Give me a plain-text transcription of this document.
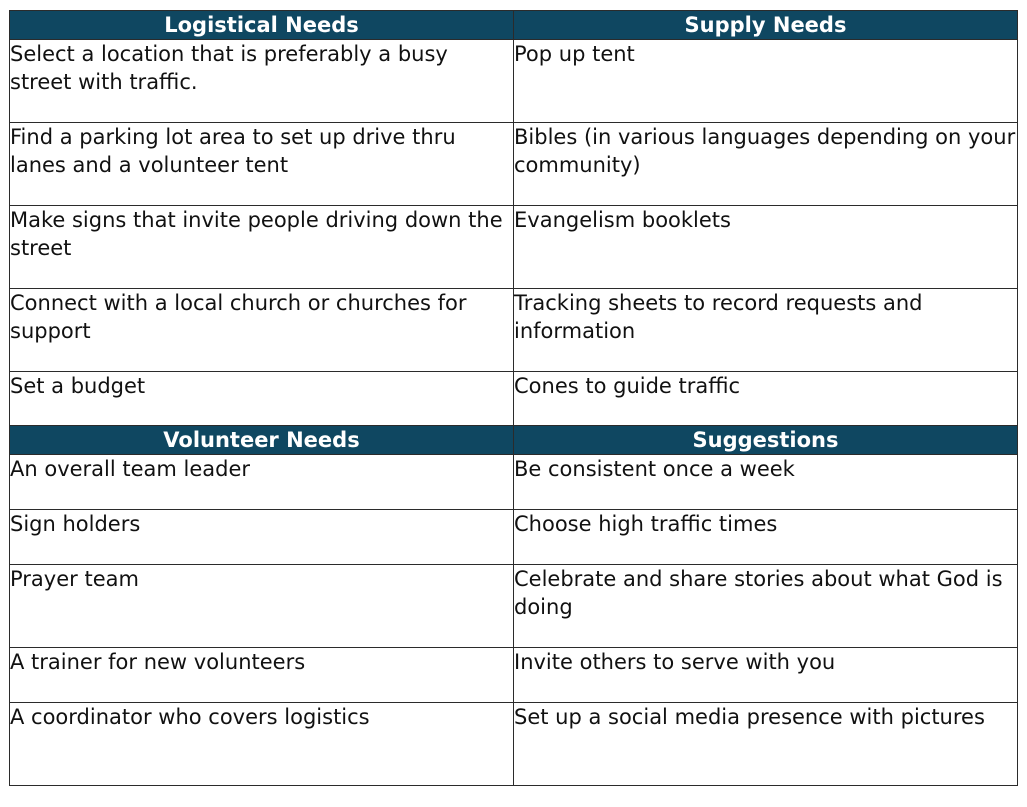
Logistical Needs	Supply Needs
Select a location that is preferably a busy street with traffic.	Pop up tent
Find a parking lot area to set up drive thru lanes and a volunteer tent	Bibles (in various languages depending on your community)
Make signs that invite people driving down the street	Evangelism booklets
Connect with a local church or churches for support	Tracking sheets to record requests and information
Set a budget	Cones to guide traffic
Volunteer Needs	Suggestions
An overall team leader	Be consistent once a week
Sign holders	Choose high traffic times
Prayer team	Celebrate and share stories about what God is doing
A trainer for new volunteers	Invite others to serve with you
A coordinator who covers logistics	Set up a social media presence with pictures
